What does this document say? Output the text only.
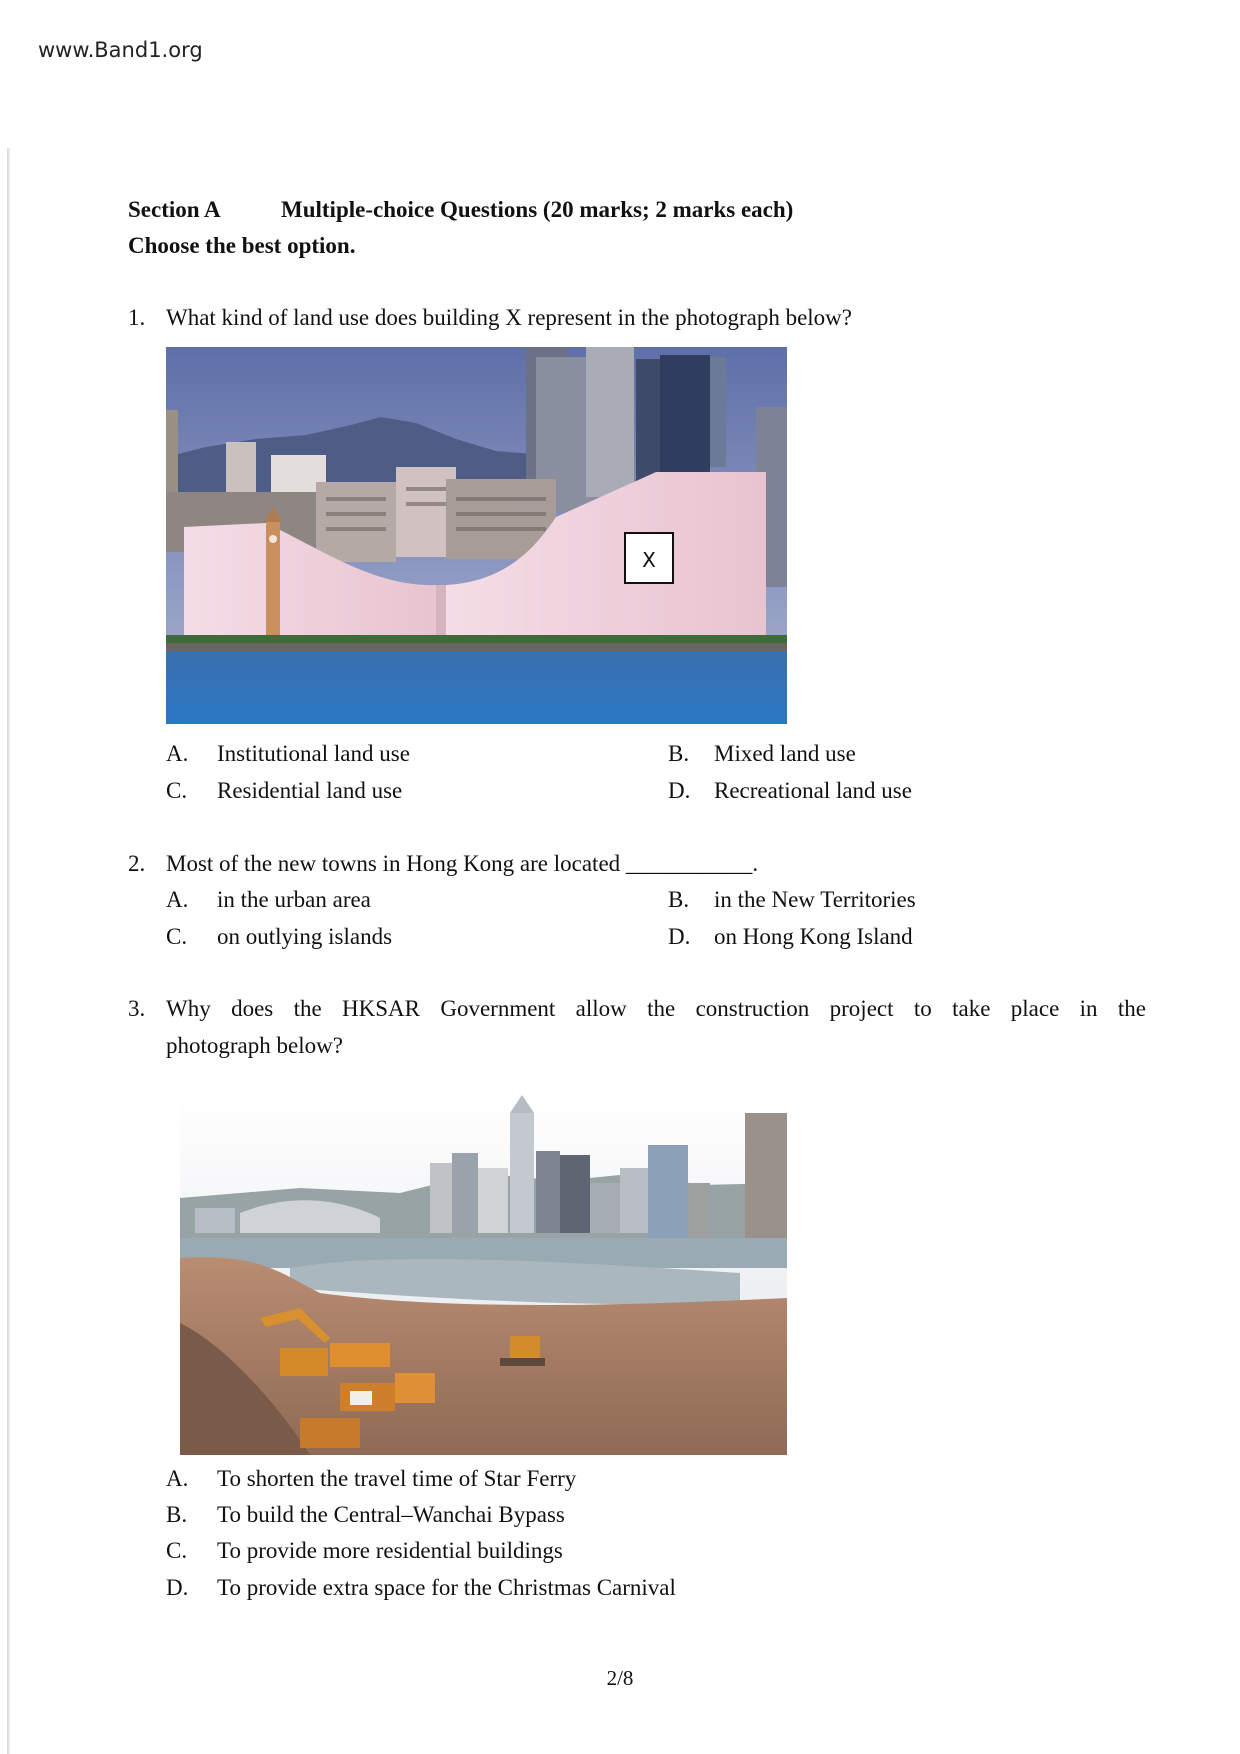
www.Band1.org
Section A	Multiple-choice Questions (20 marks; 2 marks each)
Choose the best option.
1. What kind of land use does building X represent in the photograph below?
X
A. Institutional land use	B. Mixed land use
C. Residential land use	D. Recreational land use
2. Most of the new towns in Hong Kong are located ___________.
A. in the urban area	B. in the New Territories
C. on outlying islands	D. on Hong Kong Island
3. Why does the HKSAR Government allow the construction project to take place in the
photograph below?
A. To shorten the travel time of Star Ferry
B. To build the Central–Wanchai Bypass
C. To provide more residential buildings
D. To provide extra space for the Christmas Carnival
2/8
